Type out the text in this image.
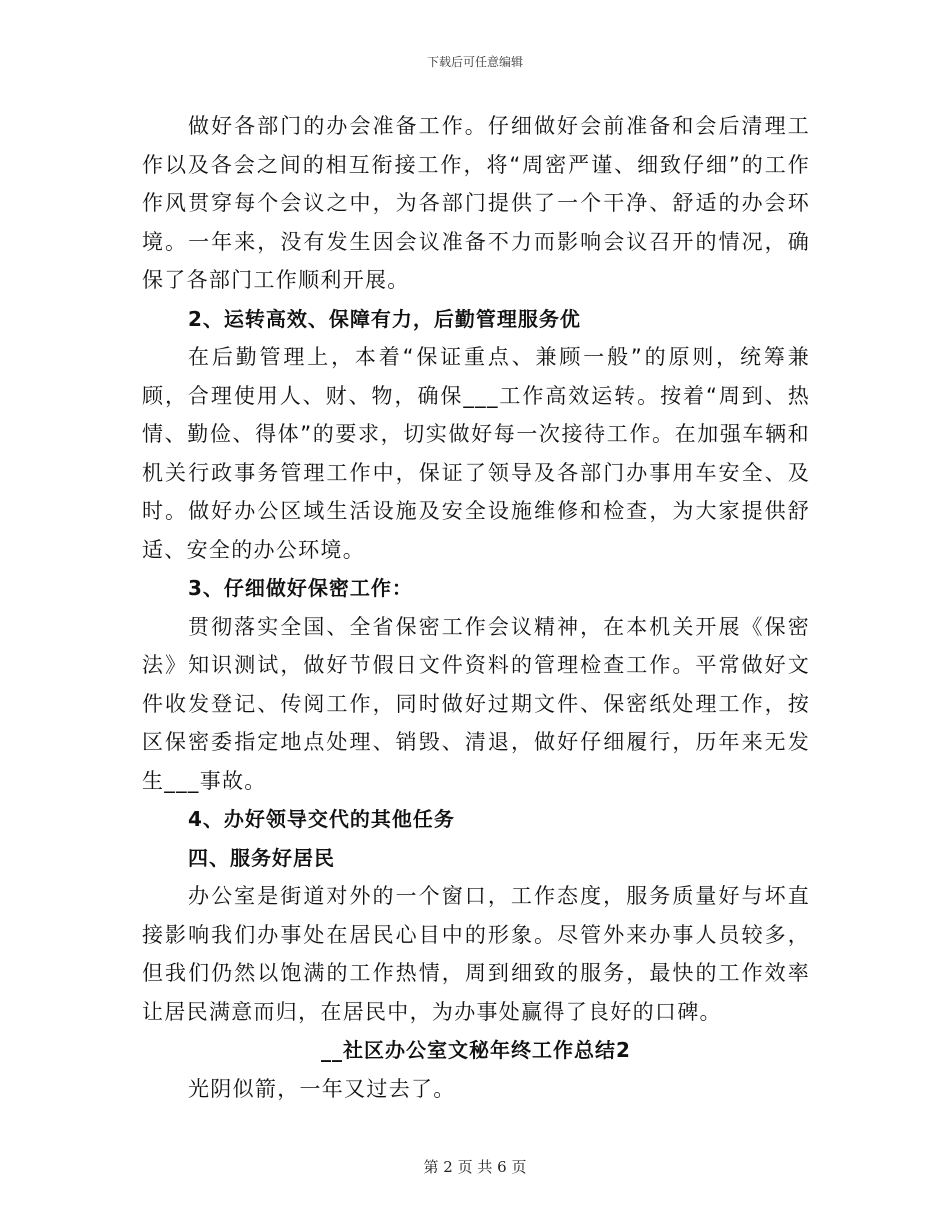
下载后可任意编辑

做好各部门的办会准备工作。仔细做好会前准备和会后清理工作以及各会之间的相互衔接工作，将“周密严谨、细致仔细”的工作作风贯穿每个会议之中，为各部门提供了一个干净、舒适的办会环境。一年来，没有发生因会议准备不力而影响会议召开的情况，确保了各部门工作顺利开展。

2、运转高效、保障有力，后勤管理服务优

在后勤管理上，本着“保证重点、兼顾一般”的原则，统筹兼顾，合理使用人、财、物，确保___工作高效运转。按着“周到、热情、勤俭、得体”的要求，切实做好每一次接待工作。在加强车辆和机关行政事务管理工作中，保证了领导及各部门办事用车安全、及时。做好办公区域生活设施及安全设施维修和检查，为大家提供舒适、安全的办公环境。

3、仔细做好保密工作：

贯彻落实全国、全省保密工作会议精神，在本机关开展《保密法》知识测试，做好节假日文件资料的管理检查工作。平常做好文件收发登记、传阅工作，同时做好过期文件、保密纸处理工作，按区保密委指定地点处理、销毁、清退，做好仔细履行，历年来无发生___事故。

4、办好领导交代的其他任务

四、服务好居民

办公室是街道对外的一个窗口，工作态度，服务质量好与坏直接影响我们办事处在居民心目中的形象。尽管外来办事人员较多，但我们仍然以饱满的工作热情，周到细致的服务，最快的工作效率让居民满意而归，在居民中，为办事处赢得了良好的口碑。

__社区办公室文秘年终工作总结2

光阴似箭，一年又过去了。

第 2 页 共 6 页
